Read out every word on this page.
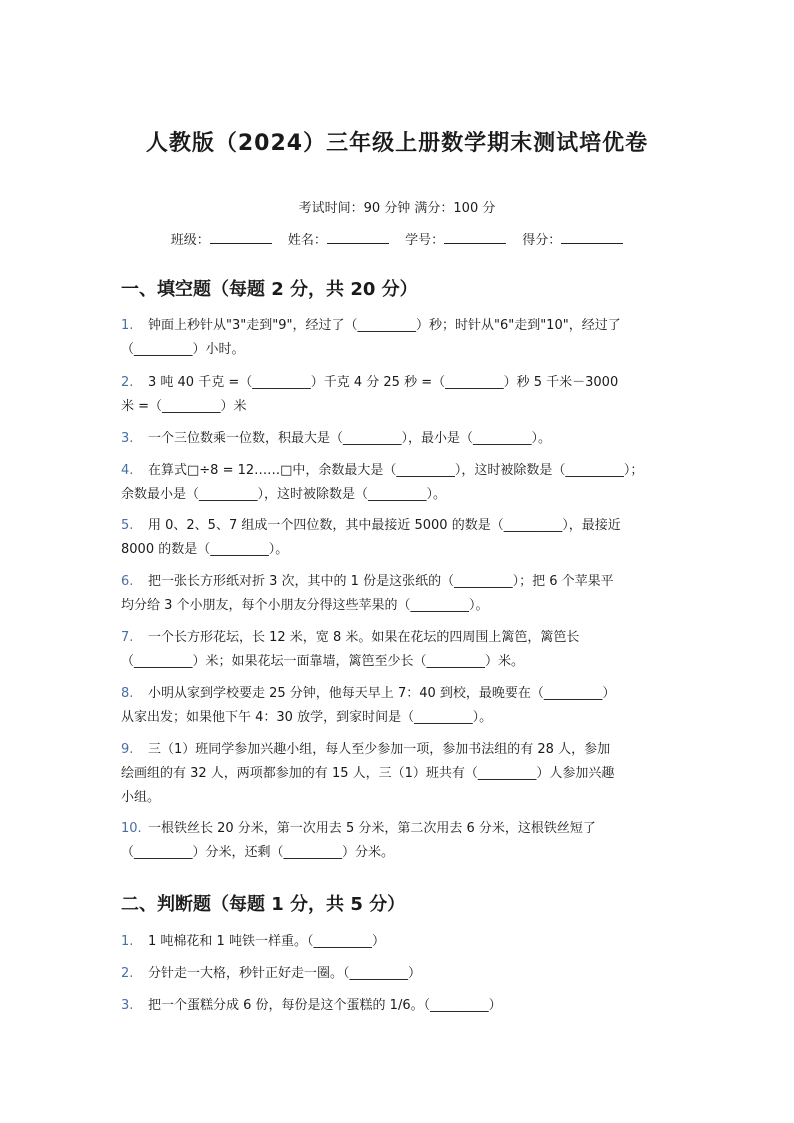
人教版（2024）三年级上册数学期末测试培优卷
考试时间：90 分钟 满分：100 分
班级：	姓名：	学号：	得分：
一、填空题（每题 2 分，共 20 分）
1. 钟面上秒针从"3"走到"9"，经过了（_________）秒；时针从"6"走到"10"，经过了
（_________）小时。
2. 3 吨 40 千克 =（_________）千克 4 分 25 秒 =（_________）秒 5 千米－3000
米 =（_________）米
3. 一个三位数乘一位数，积最大是（_________），最小是（_________）。
4. 在算式□÷8 = 12……□中，余数最大是（_________），这时被除数是（_________）；
余数最小是（_________），这时被除数是（_________）。
5. 用 0、2、5、7 组成一个四位数，其中最接近 5000 的数是（_________），最接近
8000 的数是（_________）。
6. 把一张长方形纸对折 3 次，其中的 1 份是这张纸的（_________）；把 6 个苹果平
均分给 3 个小朋友，每个小朋友分得这些苹果的（_________）。
7. 一个长方形花坛，长 12 米，宽 8 米。如果在花坛的四周围上篱笆，篱笆长
（_________）米；如果花坛一面靠墙，篱笆至少长（_________）米。
8. 小明从家到学校要走 25 分钟，他每天早上 7：40 到校，最晚要在（_________）
从家出发；如果他下午 4：30 放学，到家时间是（_________）。
9. 三（1）班同学参加兴趣小组，每人至少参加一项，参加书法组的有 28 人，参加
绘画组的有 32 人，两项都参加的有 15 人，三（1）班共有（_________）人参加兴趣
小组。
10. 一根铁丝长 20 分米，第一次用去 5 分米，第二次用去 6 分米，这根铁丝短了
（_________）分米，还剩（_________）分米。
二、判断题（每题 1 分，共 5 分）
1. 1 吨棉花和 1 吨铁一样重。（_________）
2. 分针走一大格，秒针正好走一圈。（_________）
3. 把一个蛋糕分成 6 份，每份是这个蛋糕的 1/6。（_________）
